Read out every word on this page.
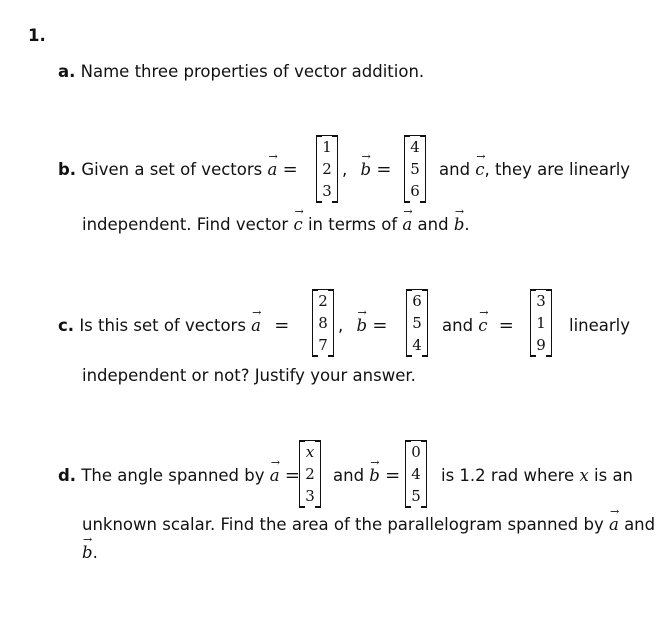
1.
a. Name three properties of vector addition.
b. Given a set of vectors
→
a =
1
2
3
,
→
b =
4
5
6
and
→
c, they are linearly
independent. Find vector
→
c in terms of
→
a and
→
b.
c. Is this set of vectors
→
a =
2
8
7
,
→
b =
6
5
4
and
→
c =
3
1
9
linearly
independent or not? Justify your answer.
d. The angle spanned by
→
a =
x
2
3
and
→
b =
0
4
5
is 1.2 rad where x is an
unknown scalar. Find the area of the parallelogram spanned by
→
a and
→
b.
